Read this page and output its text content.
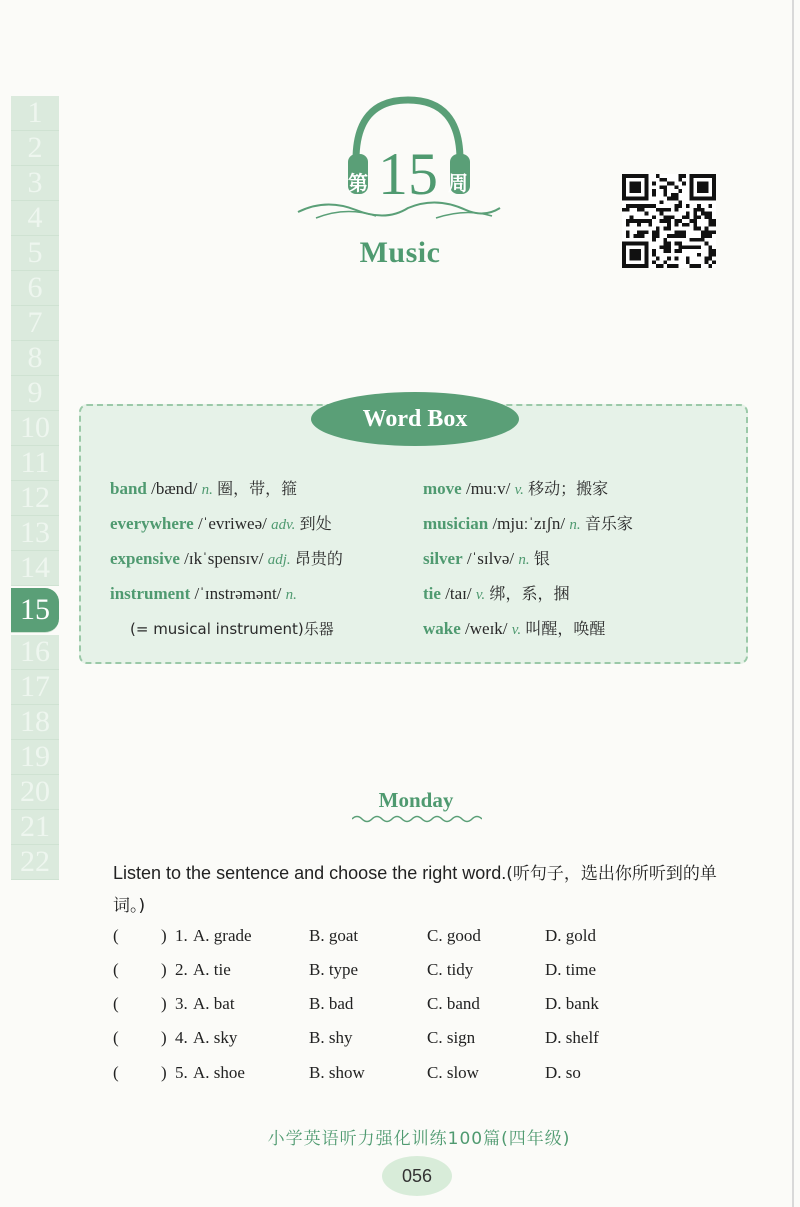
1
2
3
4
5
6
7
8
9
10
11
12
13
14
15
16
17
18
19
20
21
22
第 15 周
Music
Word Box
band /bænd/ n. 圈，带，箍
everywhere /ˈevriweə/ adv. 到处
expensive /ɪkˈspensɪv/ adj. 昂贵的
instrument /ˈɪnstrəmənt/ n.
(= musical instrument)乐器
move /muːv/ v. 移动；搬家
musician /mjuːˈzɪʃn/ n. 音乐家
silver /ˈsɪlvə/ n. 银
tie /taɪ/ v. 绑，系，捆
wake /weɪk/ v. 叫醒，唤醒
Monday
Listen to the sentence and choose the right word.(听句子，选出你所听到的单词。)
( ) 1. A. grade	B. goat	C. good	D. gold
( ) 2. A. tie	B. type	C. tidy	D. time
( ) 3. A. bat	B. bad	C. band	D. bank
( ) 4. A. sky	B. shy	C. sign	D. shelf
( ) 5. A. shoe	B. show	C. slow	D. so
小学英语听力强化训练100篇(四年级)
056
